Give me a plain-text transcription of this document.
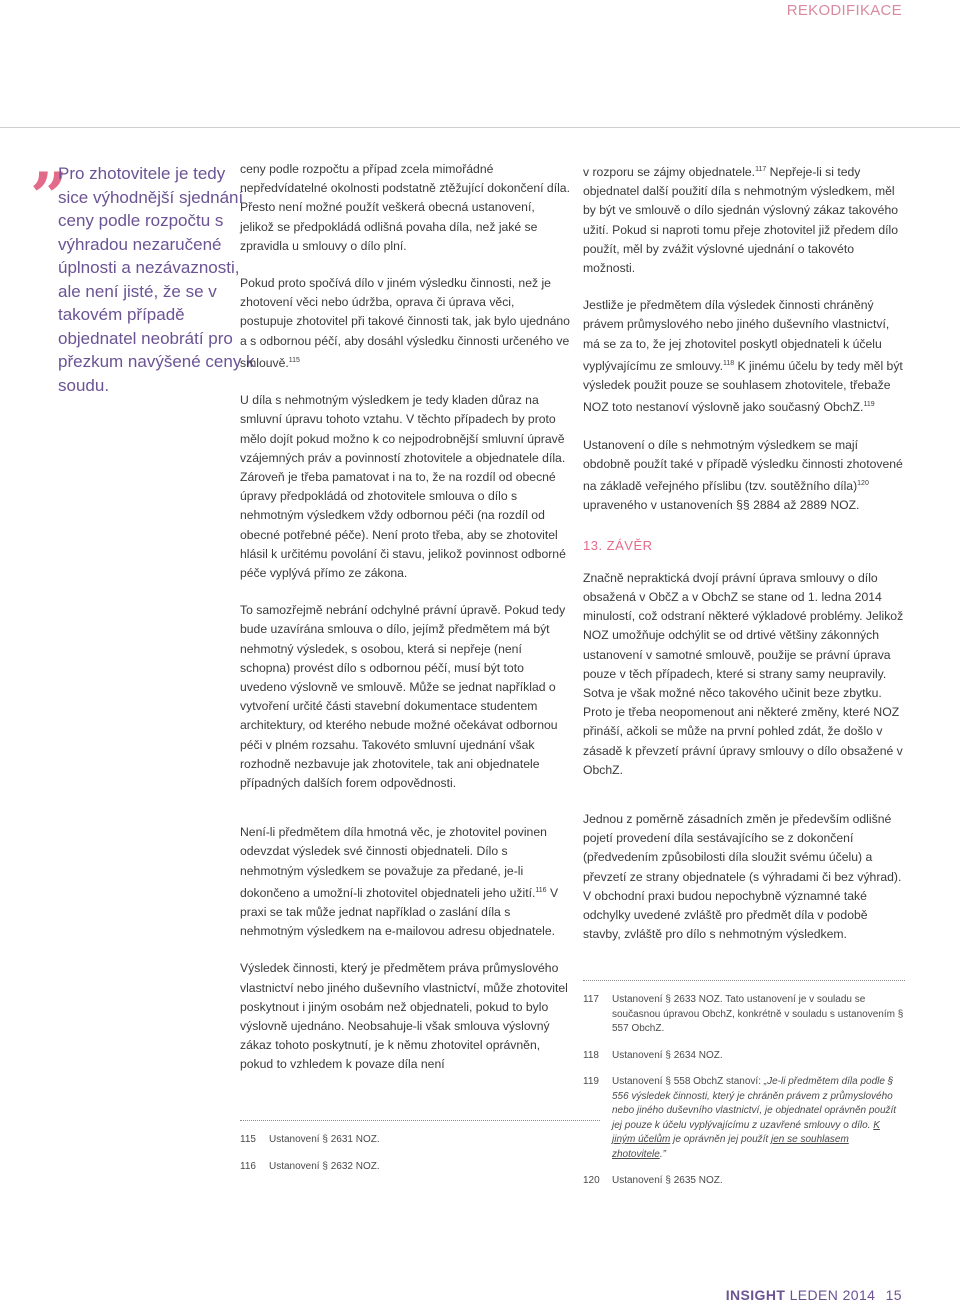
REKODIFIKACE
”
Pro zhotovitele je tedy sice výhodnější sjednání ceny podle rozpočtu s výhradou nezaručené úplnosti a nezávaznosti, ale není jisté, že se v takovém případě objednatel neobrátí pro přezkum navýšené ceny k soudu.

ceny podle rozpočtu a případ zcela mimořádné nepředvídatelné okolnosti podstatně ztěžující dokončení díla. Přesto není možné použít veškerá obecná ustanovení, jelikož se předpokládá odlišná povaha díla, než jaké se zpravidla u smlouvy o dílo plní.

Pokud proto spočívá dílo v jiném výsledku činnosti, než je zhotovení věci nebo údržba, oprava či úprava věci, postupuje zhotovitel při takové činnosti tak, jak bylo ujednáno a s odbornou péčí, aby dosáhl výsledku činnosti určeného ve smlouvě.$^{115}$

U díla s nehmotným výsledkem je tedy kladen důraz na smluvní úpravu tohoto vztahu. V těchto případech by proto mělo dojít pokud možno k co nejpodrobnější smluvní úpravě vzájemných práv a povinností zhotovitele a objednatele díla. Zároveň je třeba pamatovat i na to, že na rozdíl od obecné úpravy předpokládá od zhotovitele smlouva o dílo s nehmotným výsledkem vždy odbornou péči (na rozdíl od obecné potřebné péče). Není proto třeba, aby se zhotovitel hlásil k určitému povolání či stavu, jelikož povinnost odborné péče vyplývá přímo ze zákona.

To samozřejmě nebrání odchylné právní úpravě. Pokud tedy bude uzavírána smlouva o dílo, jejímž předmětem má být nehmotný výsledek, s osobou, která si nepřeje (není schopna) provést dílo s odbornou péčí, musí být toto uvedeno výslovně ve smlouvě. Může se jednat například o vytvoření určité části stavební dokumentace studentem architektury, od kterého nebude možné očekávat odbornou péči v plném rozsahu. Takovéto smluvní ujednání však rozhodně nezbavuje jak zhotovitele, tak ani objednatele případných dalších forem odpovědnosti.

Není-li předmětem díla hmotná věc, je zhotovitel povinen odevzdat výsledek své činnosti objednateli. Dílo s nehmotným výsledkem se považuje za předané, je-li dokončeno a umožní-li zhotovitel objednateli jeho užití.$^{116}$ V praxi se tak může jednat například o zaslání díla s nehmotným výsledkem na e-mailovou adresu objednatele.

Výsledek činnosti, který je předmětem práva průmyslového vlastnictví nebo jiného duševního vlastnictví, může zhotovitel poskytnout i jiným osobám než objednateli, pokud to bylo výslovně ujednáno. Neobsahuje-li však smlouva výslovný zákaz tohoto poskytnutí, je k němu zhotovitel oprávněn, pokud to vzhledem k povaze díla není

v rozporu se zájmy objednatele.$^{117}$ Nepřeje-li si tedy objednatel další použití díla s nehmotným výsledkem, měl by být ve smlouvě o dílo sjednán výslovný zákaz takového užití. Pokud si naproti tomu přeje zhotovitel již předem dílo použít, měl by zvážit výslovné ujednání o takovéto možnosti.

Jestliže je předmětem díla výsledek činnosti chráněný právem průmyslového nebo jiného duševního vlastnictví, má se za to, že jej zhotovitel poskytl objednateli k účelu vyplývajícímu ze smlouvy.$^{118}$ K jinému účelu by tedy měl být výsledek použit pouze se souhlasem zhotovitele, třebaže NOZ toto nestanoví výslovně jako současný ObchZ.$^{119}$

Ustanovení o díle s nehmotným výsledkem se mají obdobně použít také v případě výsledku činnosti zhotovené na základě veřejného příslibu (tzv. soutěžního díla)$^{120}$ upraveného v ustanoveních §§ 2884 až 2889 NOZ.

13. ZÁVĚR

Značně nepraktická dvojí právní úprava smlouvy o dílo obsažená v ObčZ a v ObchZ se stane od 1. ledna 2014 minulostí, což odstraní některé výkladové problémy. Jelikož NOZ umožňuje odchýlit se od drtivé většiny zákonných ustanovení v samotné smlouvě, použije se právní úprava pouze v těch případech, které si strany samy neupravily. Sotva je však možné něco takového učinit beze zbytku. Proto je třeba neopomenout ani některé změny, které NOZ přináší, ačkoli se může na první pohled zdát, že došlo v zásadě k převzetí právní úpravy smlouvy o dílo obsažené v ObchZ.

Jednou z poměrně zásadních změn je především odlišné pojetí provedení díla sestávajícího se z dokončení (předvedením způsobilosti díla sloužit svému účelu) a převzetí ze strany objednatele (s výhradami či bez výhrad). V obchodní praxi budou nepochybně významné také odchylky uvedené zvláště pro předmět díla v podobě stavby, zvláště pro dílo s nehmotným výsledkem.

115	Ustanovení § 2631 NOZ.
116	Ustanovení § 2632 NOZ.
117	Ustanovení § 2633 NOZ. Tato ustanovení je v souladu se současnou úpravou ObchZ, konkrétně v souladu s ustanovením § 557 ObchZ.
118	Ustanovení § 2634 NOZ.
119	Ustanovení § 558 ObchZ stanoví: „Je-li předmětem díla podle § 556 výsledek činnosti, který je chráněn právem z průmyslového nebo jiného duševního vlastnictví, je objednatel oprávněn použít jej pouze k účelu vyplývajícímu z uzavřené smlouvy o dílo. K jiným účelům je oprávněn jej použít jen se souhlasem zhotovitele.”
120	Ustanovení § 2635 NOZ.
INSIGHT LEDEN 2014 15
